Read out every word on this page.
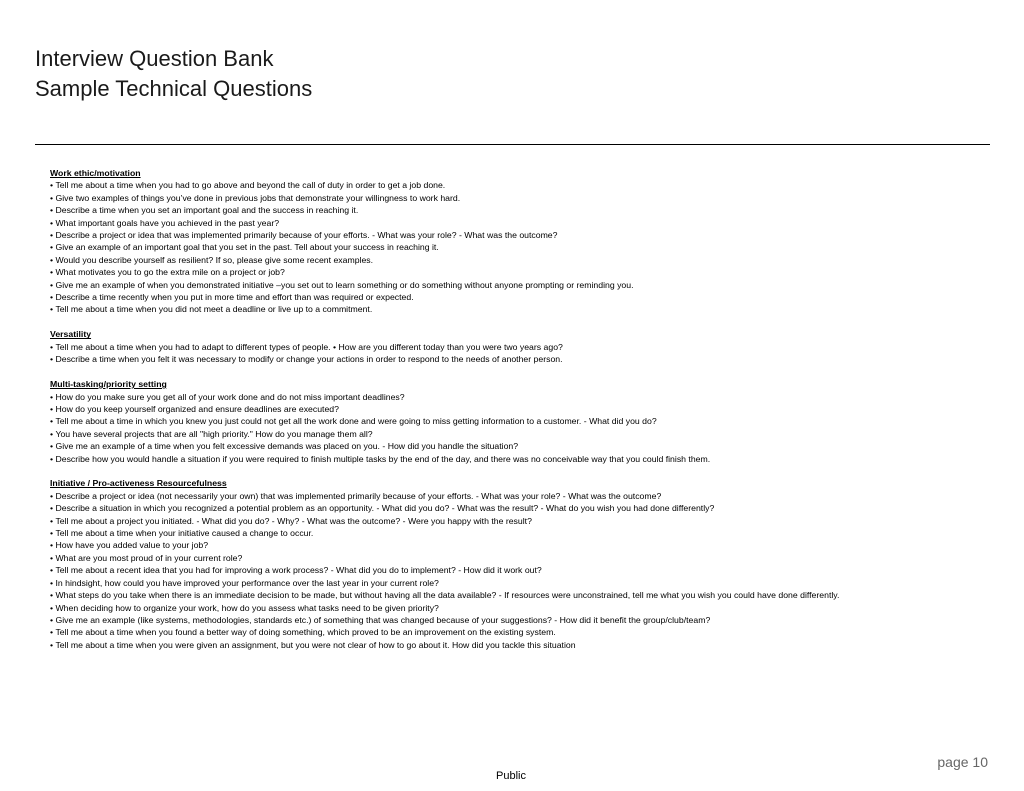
Interview Question Bank
Sample Technical Questions
Work ethic/motivation
• Tell me about a time when you had to go above and beyond the call of duty in order to get a job done.
• Give two examples of things you’ve done in previous jobs that demonstrate your willingness to work hard.
• Describe a time when you set an important goal and the success in reaching it.
• What important goals have you achieved in the past year?
• Describe a project or idea that was implemented primarily because of your efforts. - What was your role? - What was the outcome?
• Give an example of an important goal that you set in the past. Tell about your success in reaching it.
• Would you describe yourself as resilient? If so, please give some recent examples.
• What motivates you to go the extra mile on a project or job?
• Give me an example of when you demonstrated initiative –you set out to learn something or do something without anyone prompting or reminding you.
• Describe a time recently when you put in more time and effort than was required or expected.
• Tell me about a time when you did not meet a deadline or live up to a commitment.
Versatility
• Tell me about a time when you had to adapt to different types of people. • How are you different today than you were two years ago?
• Describe a time when you felt it was necessary to modify or change your actions in order to respond to the needs of another person.
Multi-tasking/priority setting
• How do you make sure you get all of your work done and do not miss important deadlines?
• How do you keep yourself organized and ensure deadlines are executed?
• Tell me about a time in which you knew you just could not get all the work done and were going to miss getting information to a customer. - What did you do?
• You have several projects that are all "high priority." How do you manage them all?
• Give me an example of a time when you felt excessive demands was placed on you. - How did you handle the situation?
• Describe how you would handle a situation if you were required to finish multiple tasks by the end of the day, and there was no conceivable way that you could finish them.
Initiative / Pro-activeness Resourcefulness
• Describe a project or idea (not necessarily your own) that was implemented primarily because of your efforts. - What was your role? - What was the outcome?
• Describe a situation in which you recognized a potential problem as an opportunity. - What did you do? - What was the result? - What do you wish you had done differently?
• Tell me about a project you initiated. - What did you do? - Why? - What was the outcome? - Were you happy with the result?
• Tell me about a time when your initiative caused a change to occur.
• How have you added value to your job?
• What are you most proud of in your current role?
• Tell me about a recent idea that you had for improving a work process? - What did you do to implement? - How did it work out?
• In hindsight, how could you have improved your performance over the last year in your current role?
• What steps do you take when there is an immediate decision to be made, but without having all the data available? - If resources were unconstrained, tell me what you wish you could have done differently.
• When deciding how to organize your work, how do you assess what tasks need to be given priority?
• Give me an example (like systems, methodologies, standards etc.) of something that was changed because of your suggestions? - How did it benefit the group/club/team?
• Tell me about a time when you found a better way of doing something, which proved to be an improvement on the existing system.
• Tell me about a time when you were given an assignment, but you were not clear of how to go about it. How did you tackle this situation
page 10
Public
